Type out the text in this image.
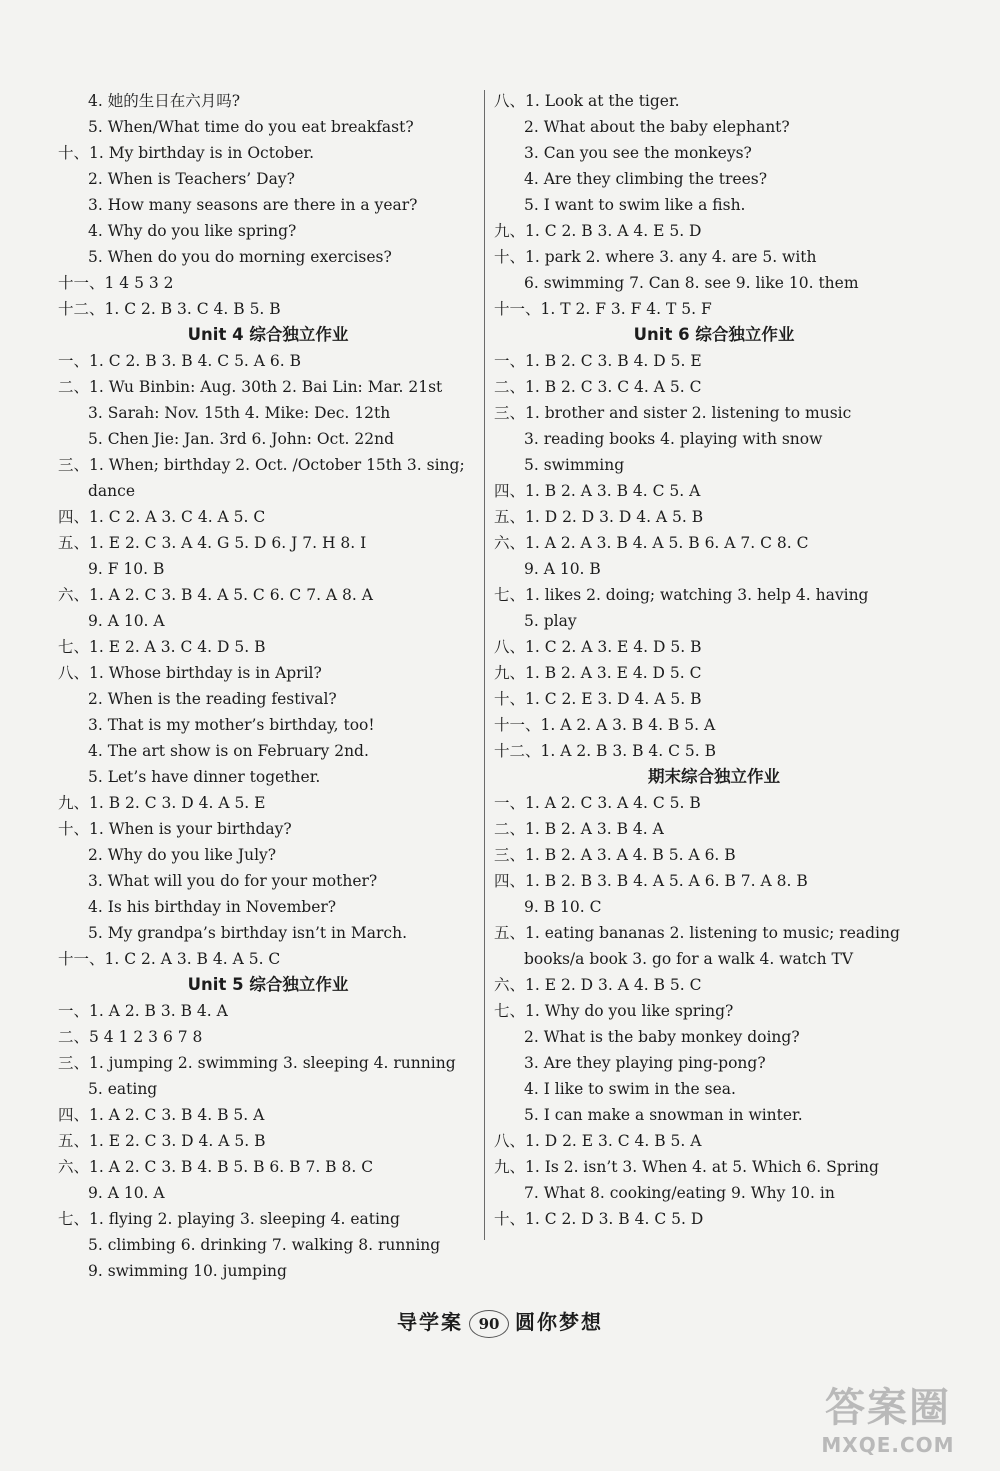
4. 她的生日在六月吗?
5. When/What time do you eat breakfast?
十、1. My birthday is in October.
2. When is Teachers’ Day?
3. How many seasons are there in a year?
4. Why do you like spring?
5. When do you do morning exercises?
十一、1 4 5 3 2
十二、1. C 2. B 3. C 4. B 5. B
Unit 4 综合独立作业
一、1. C 2. B 3. B 4. C 5. A 6. B
二、1. Wu Binbin: Aug. 30th 2. Bai Lin: Mar. 21st
3. Sarah: Nov. 15th 4. Mike: Dec. 12th
5. Chen Jie: Jan. 3rd 6. John: Oct. 22nd
三、1. When; birthday 2. Oct. /October 15th 3. sing;
dance
四、1. C 2. A 3. C 4. A 5. C
五、1. E 2. C 3. A 4. G 5. D 6. J 7. H 8. I
9. F 10. B
六、1. A 2. C 3. B 4. A 5. C 6. C 7. A 8. A
9. A 10. A
七、1. E 2. A 3. C 4. D 5. B
八、1. Whose birthday is in April?
2. When is the reading festival?
3. That is my mother’s birthday, too!
4. The art show is on February 2nd.
5. Let’s have dinner together.
九、1. B 2. C 3. D 4. A 5. E
十、1. When is your birthday?
2. Why do you like July?
3. What will you do for your mother?
4. Is his birthday in November?
5. My grandpa’s birthday isn’t in March.
十一、1. C 2. A 3. B 4. A 5. C
Unit 5 综合独立作业
一、1. A 2. B 3. B 4. A
二、5 4 1 2 3 6 7 8
三、1. jumping 2. swimming 3. sleeping 4. running
5. eating
四、1. A 2. C 3. B 4. B 5. A
五、1. E 2. C 3. D 4. A 5. B
六、1. A 2. C 3. B 4. B 5. B 6. B 7. B 8. C
9. A 10. A
七、1. flying 2. playing 3. sleeping 4. eating
5. climbing 6. drinking 7. walking 8. running
9. swimming 10. jumping
八、1. Look at the tiger.
2. What about the baby elephant?
3. Can you see the monkeys?
4. Are they climbing the trees?
5. I want to swim like a fish.
九、1. C 2. B 3. A 4. E 5. D
十、1. park 2. where 3. any 4. are 5. with
6. swimming 7. Can 8. see 9. like 10. them
十一、1. T 2. F 3. F 4. T 5. F
Unit 6 综合独立作业
一、1. B 2. C 3. B 4. D 5. E
二、1. B 2. C 3. C 4. A 5. C
三、1. brother and sister 2. listening to music
3. reading books 4. playing with snow
5. swimming
四、1. B 2. A 3. B 4. C 5. A
五、1. D 2. D 3. D 4. A 5. B
六、1. A 2. A 3. B 4. A 5. B 6. A 7. C 8. C
9. A 10. B
七、1. likes 2. doing; watching 3. help 4. having
5. play
八、1. C 2. A 3. E 4. D 5. B
九、1. B 2. A 3. E 4. D 5. C
十、1. C 2. E 3. D 4. A 5. B
十一、1. A 2. A 3. B 4. B 5. A
十二、1. A 2. B 3. B 4. C 5. B
期末综合独立作业
一、1. A 2. C 3. A 4. C 5. B
二、1. B 2. A 3. B 4. A
三、1. B 2. A 3. A 4. B 5. A 6. B
四、1. B 2. B 3. B 4. A 5. A 6. B 7. A 8. B
9. B 10. C
五、1. eating bananas 2. listening to music; reading
books/a book 3. go for a walk 4. watch TV
六、1. E 2. D 3. A 4. B 5. C
七、1. Why do you like spring?
2. What is the baby monkey doing?
3. Are they playing ping-pong?
4. I like to swim in the sea.
5. I can make a snowman in winter.
八、1. D 2. E 3. C 4. B 5. A
九、1. Is 2. isn’t 3. When 4. at 5. Which 6. Spring
7. What 8. cooking/eating 9. Why 10. in
十、1. C 2. D 3. B 4. C 5. D
导学案 90 圆你梦想
答案圈
MXQE.COM
